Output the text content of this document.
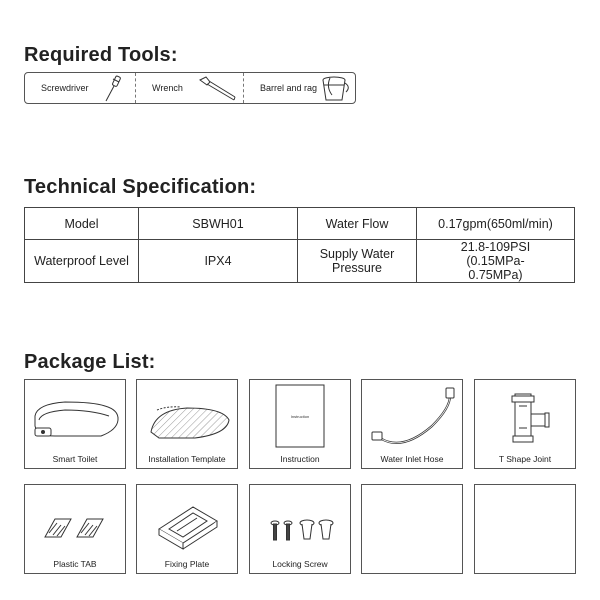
Required Tools:
Screwdriver	Wrench	Barrel and rag
Technical Specification:
Model	SBWH01	Water Flow	0.17gpm(650ml/min)
Waterproof Level	IPX4	Supply Water Pressure	21.8-109PSI (0.15MPa-0.75MPa)
Package List:
Smart Toilet	Installation Template
Instruction
Instruction	Water Inlet Hose	T Shape Joint
Plastic TAB	Fixing Plate	Locking Screw
